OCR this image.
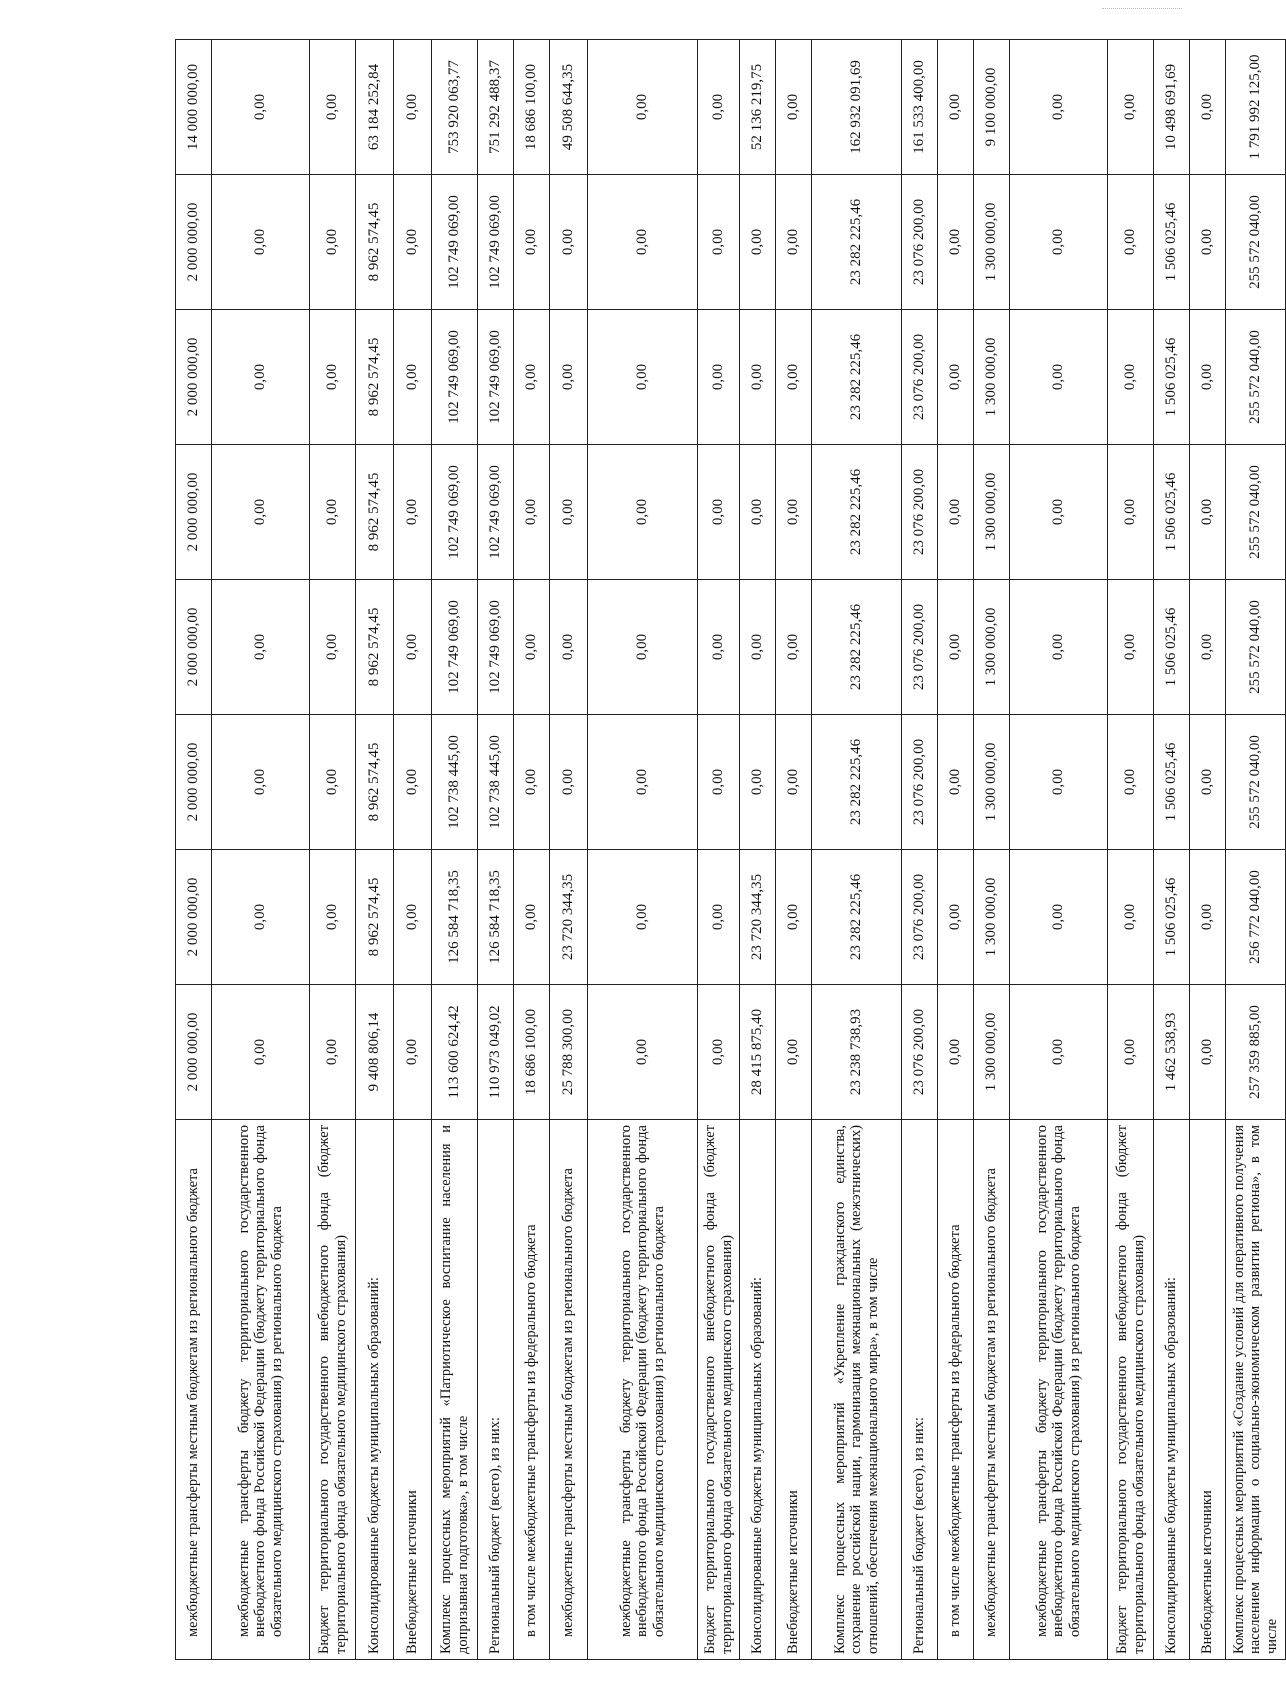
межбюджетные трансферты местным бюджетам из регионального бюджета	2 000 000,00	2 000 000,00	2 000 000,00	2 000 000,00	2 000 000,00	2 000 000,00	2 000 000,00	14 000 000,00
межбюджетные трансферты бюджету территориального государственного внебюджетного фонда Российской Федерации (бюджету территориального фонда обязательного медицинского страхования) из регионального бюджета	0,00	0,00	0,00	0,00	0,00	0,00	0,00	0,00
Бюджет территориального государственного внебюджетного фонда (бюджет территориального фонда обязательного медицинского страхования)	0,00	0,00	0,00	0,00	0,00	0,00	0,00	0,00
Консолидированные бюджеты муниципальных образований:	9 408 806,14	8 962 574,45	8 962 574,45	8 962 574,45	8 962 574,45	8 962 574,45	8 962 574,45	63 184 252,84
Внебюджетные источники	0,00	0,00	0,00	0,00	0,00	0,00	0,00	0,00
Комплекс процессных мероприятий «Патриотическое воспитание населения и допризывная подготовка», в том числе	113 600 624,42	126 584 718,35	102 738 445,00	102 749 069,00	102 749 069,00	102 749 069,00	102 749 069,00	753 920 063,77
Региональный бюджет (всего), из них:	110 973 049,02	126 584 718,35	102 738 445,00	102 749 069,00	102 749 069,00	102 749 069,00	102 749 069,00	751 292 488,37
в том числе межбюджетные трансферты из федерального бюджета	18 686 100,00	0,00	0,00	0,00	0,00	0,00	0,00	18 686 100,00
межбюджетные трансферты местным бюджетам из регионального бюджета	25 788 300,00	23 720 344,35	0,00	0,00	0,00	0,00	0,00	49 508 644,35
межбюджетные трансферты бюджету территориального государственного внебюджетного фонда Российской Федерации (бюджету территориального фонда обязательного медицинского страхования) из регионального бюджета	0,00	0,00	0,00	0,00	0,00	0,00	0,00	0,00
Бюджет территориального государственного внебюджетного фонда (бюджет территориального фонда обязательного медицинского страхования)	0,00	0,00	0,00	0,00	0,00	0,00	0,00	0,00
Консолидированные бюджеты муниципальных образований:	28 415 875,40	23 720 344,35	0,00	0,00	0,00	0,00	0,00	52 136 219,75
Внебюджетные источники	0,00	0,00	0,00	0,00	0,00	0,00	0,00	0,00
Комплекс процессных мероприятий «Укрепление гражданского единства, сохранение российской нации, гармонизация межнациональных (межэтнических) отношений, обеспечения межнационального мира», в том числе	23 238 738,93	23 282 225,46	23 282 225,46	23 282 225,46	23 282 225,46	23 282 225,46	23 282 225,46	162 932 091,69
Региональный бюджет (всего), из них:	23 076 200,00	23 076 200,00	23 076 200,00	23 076 200,00	23 076 200,00	23 076 200,00	23 076 200,00	161 533 400,00
в том числе межбюджетные трансферты из федерального бюджета	0,00	0,00	0,00	0,00	0,00	0,00	0,00	0,00
межбюджетные трансферты местным бюджетам из регионального бюджета	1 300 000,00	1 300 000,00	1 300 000,00	1 300 000,00	1 300 000,00	1 300 000,00	1 300 000,00	9 100 000,00
межбюджетные трансферты бюджету территориального государственного внебюджетного фонда Российской Федерации (бюджету территориального фонда обязательного медицинского страхования) из регионального бюджета	0,00	0,00	0,00	0,00	0,00	0,00	0,00	0,00
Бюджет территориального государственного внебюджетного фонда (бюджет территориального фонда обязательного медицинского страхования)	0,00	0,00	0,00	0,00	0,00	0,00	0,00	0,00
Консолидированные бюджеты муниципальных образований:	1 462 538,93	1 506 025,46	1 506 025,46	1 506 025,46	1 506 025,46	1 506 025,46	1 506 025,46	10 498 691,69
Внебюджетные источники	0,00	0,00	0,00	0,00	0,00	0,00	0,00	0,00
Комплекс процессных мероприятий «Создание условий для оперативного получения населением информации о социально-экономическом развитии региона», в том числе	257 359 885,00	256 772 040,00	255 572 040,00	255 572 040,00	255 572 040,00	255 572 040,00	255 572 040,00	1 791 992 125,00
